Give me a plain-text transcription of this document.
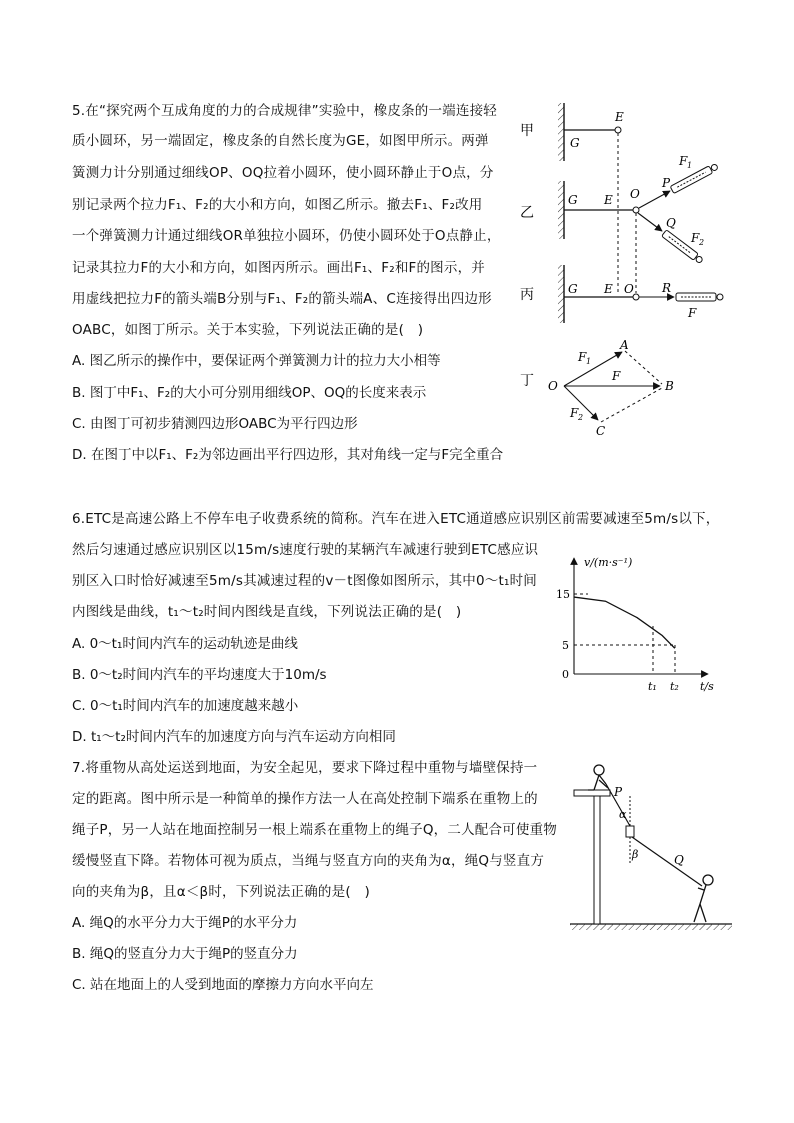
5.在“探究两个互成角度的力的合成规律”实验中，橡皮条的一端连接轻
质小圆环，另一端固定，橡皮条的自然长度为GE，如图甲所示。两弹
簧测力计分别通过细线OP、OQ拉着小圆环，使小圆环静止于O点，分
别记录两个拉力F₁、F₂的大小和方向，如图乙所示。撤去F₁、F₂改用
一个弹簧测力计通过细线OR单独拉小圆环，仍使小圆环处于O点静止，
记录其拉力F的大小和方向，如图丙所示。画出F₁、F₂和F的图示，并
用虚线把拉力F的箭头端B分别与F₁、F₂的箭头端A、C连接得出四边形
OABC，如图丁所示。关于本实验，下列说法正确的是(　)
A. 图乙所示的操作中，要保证两个弹簧测力计的拉力大小相等
B. 图丁中F₁、F₂的大小可分别用细线OP、OQ的长度来表示
C. 由图丁可初步猜测四边形OABC为平行四边形
D. 在图丁中以F₁、F₂为邻边画出平行四边形，其对角线一定与F完全重合
甲
乙
丙
丁
G
E
G E O
P
F 1
Q
F 2
G E O R
F
O
A
B
C
F 1
F
F 2
6.ETC是高速公路上不停车电子收费系统的简称。汽车在进入ETC通道感应识别区前需要减速至5m/s以下，
然后匀速通过感应识别区以15m/s速度行驶的某辆汽车减速行驶到ETC感应识
别区入口时恰好减速至5m/s其减速过程的v－t图像如图所示，其中0～t₁时间
内图线是曲线，t₁～t₂时间内图线是直线，下列说法正确的是(　)
A. 0～t₁时间内汽车的运动轨迹是曲线
B. 0～t₂时间内汽车的平均速度大于10m/s
C. 0～t₁时间内汽车的加速度越来越小
D. t₁～t₂时间内汽车的加速度方向与汽车运动方向相同
v/(m·s⁻¹)
t/s
15
5
0
t₁ t₂
7.将重物从高处运送到地面，为安全起见，要求下降过程中重物与墙壁保持一
定的距离。图中所示是一种简单的操作方法一人在高处控制下端系在重物上的
绳子P，另一人站在地面控制另一根上端系在重物上的绳子Q，二人配合可使重物
缓慢竖直下降。若物体可视为质点，当绳与竖直方向的夹角为α，绳Q与竖直方
向的夹角为β，且α＜β时，下列说法正确的是(　)
A. 绳Q的水平分力大于绳P的水平分力
B. 绳Q的竖直分力大于绳P的竖直分力
C. 站在地面上的人受到地面的摩擦力方向水平向左
P
α
β	Q
